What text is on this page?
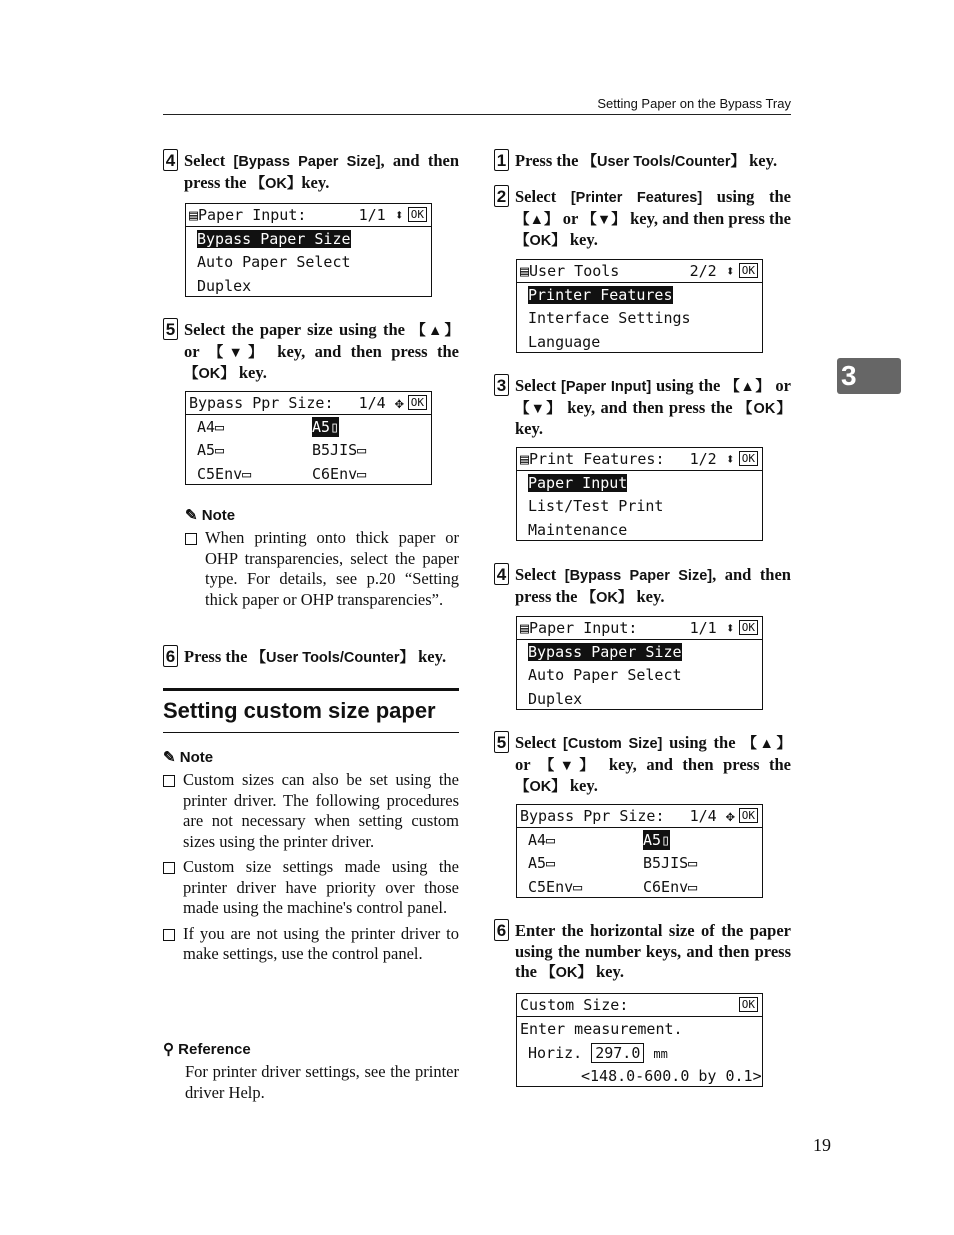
Setting Paper on the Bypass Tray
3
4 Select [Bypass Paper Size], and then press the 【OK】key.
▤Paper Input:	1/1 ⬍ OK
Bypass Paper Size
Auto Paper Select
Duplex
5 Select the paper size using the 【▲】 or 【▼】 key, and then press the 【OK】 key.
Bypass Ppr Size: 1/4 ✥ OK
A4▭	A5▯
A5▭	B5JIS▭
C5Env▭	C6Env▭
✎ Note
When printing onto thick paper or OHP transparencies, select the paper type. For details, see p.20 “Setting thick paper or OHP transparencies”.
6 Press the 【User Tools/Counter】 key.
Setting custom size paper
✎ Note
Custom sizes can also be set using the printer driver. The following procedures are not necessary when setting custom sizes using the printer driver.
Custom size settings made using the printer driver have priority over those made using the machine's control panel.
If you are not using the printer driver to make settings, use the control panel.
⚲ Reference
For printer driver settings, see the printer driver Help.
1 Press the 【User Tools/Counter】 key.
2 Select [Printer Features] using the 【▲】 or 【▼】 key, and then press the 【OK】 key.
▤User Tools	2/2 ⬍ OK
Printer Features
Interface Settings
Language
3 Select [Paper Input] using the 【▲】 or 【▼】 key, and then press the 【OK】 key.
▤Print Features: 1/2 ⬍ OK
Paper Input
List/Test Print
Maintenance
4 Select [Bypass Paper Size], and then press the 【OK】 key.
▤Paper Input:	1/1 ⬍ OK
Bypass Paper Size
Auto Paper Select
Duplex
5 Select [Custom Size] using the 【▲】 or 【▼】 key, and then press the 【OK】 key.
Bypass Ppr Size: 1/4 ✥ OK
A4▭	A5▯
A5▭	B5JIS▭
C5Env▭	C6Env▭
6 Enter the horizontal size of the paper using the number keys, and then press the 【OK】 key.
Custom Size:	OK
Enter measurement.
Horiz. 297.0 mm
<148.0-600.0 by 0.1>
19
